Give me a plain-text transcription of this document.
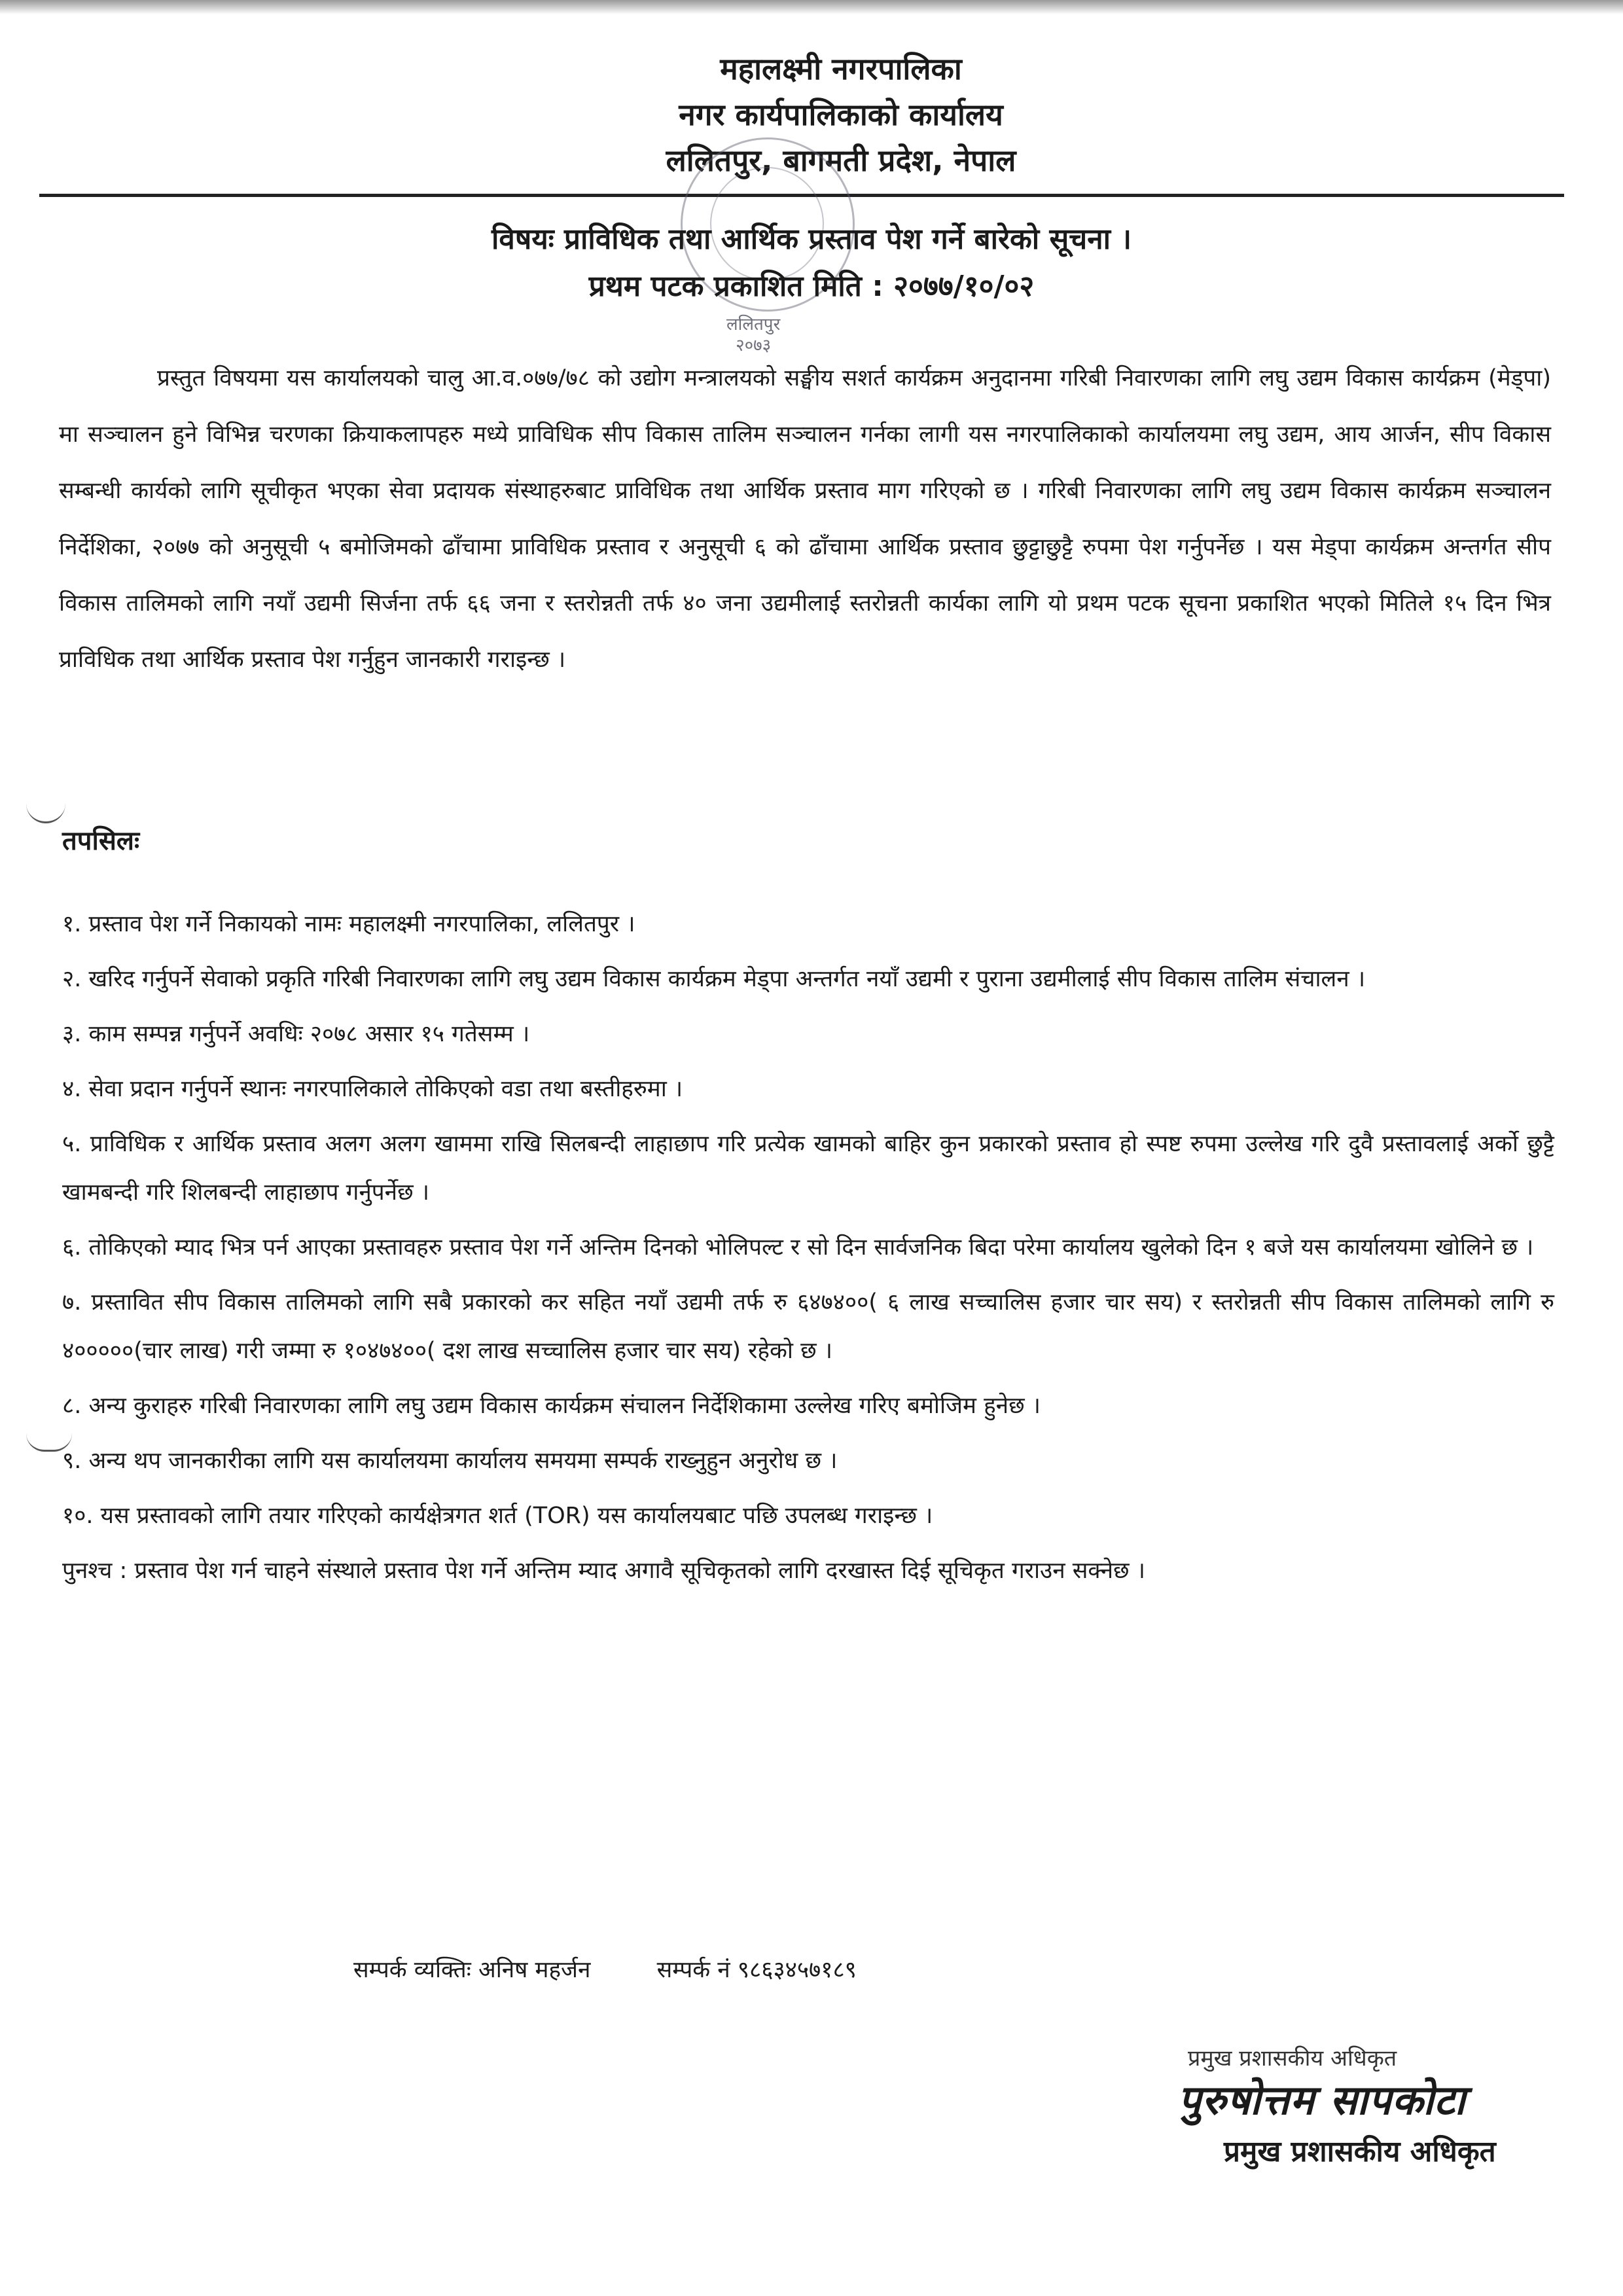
महालक्ष्मी नगरपालिका
नगर कार्यपालिकाको कार्यालय
ललितपुर, बागमती प्रदेश, नेपाल
ललितपुर
२०७३
विषयः प्राविधिक तथा आर्थिक प्रस्ताव पेश गर्ने बारेको सूचना ।
प्रथम पटक प्रकाशित मिति : २०७७/१०/०२
प्रस्तुत विषयमा यस कार्यालयको चालु आ.व.०७७/७८ को उद्योग मन्त्रालयको सङ्घीय सशर्त कार्यक्रम अनुदानमा गरिबी निवारणका लागि लघु उद्यम विकास कार्यक्रम (मेड्पा) मा सञ्चालन हुने विभिन्न चरणका क्रियाकलापहरु मध्ये प्राविधिक सीप विकास तालिम सञ्चालन गर्नका लागी यस नगरपालिकाको कार्यालयमा लघु उद्यम, आय आर्जन, सीप विकास सम्बन्धी कार्यको लागि सूचीकृत भएका सेवा प्रदायक संस्थाहरुबाट प्राविधिक तथा आर्थिक प्रस्ताव माग गरिएको छ । गरिबी निवारणका लागि लघु उद्यम विकास कार्यक्रम सञ्चालन निर्देशिका, २०७७ को अनुसूची ५ बमोजिमको ढाँचामा प्राविधिक प्रस्ताव र अनुसूची ६ को ढाँचामा आर्थिक प्रस्ताव छुट्टाछुट्टै रुपमा पेश गर्नुपर्नेछ । यस मेड्पा कार्यक्रम अन्तर्गत सीप विकास तालिमको लागि नयाँ उद्यमी सिर्जना तर्फ ६६ जना र स्तरोन्नती तर्फ ४० जना उद्यमीलाई स्तरोन्नती कार्यका लागि यो प्रथम पटक सूचना प्रकाशित भएको मितिले १५ दिन भित्र प्राविधिक तथा आर्थिक प्रस्ताव पेश गर्नुहुन जानकारी गराइन्छ ।
तपसिलः
१. प्रस्ताव पेश गर्ने निकायको नामः महालक्ष्मी नगरपालिका, ललितपुर ।
२. खरिद गर्नुपर्ने सेवाको प्रकृति गरिबी निवारणका लागि लघु उद्यम विकास कार्यक्रम मेड्पा अन्तर्गत नयाँ उद्यमी र पुराना उद्यमीलाई सीप विकास तालिम संचालन ।
३. काम सम्पन्न गर्नुपर्ने अवधिः २०७८ असार १५ गतेसम्म ।
४. सेवा प्रदान गर्नुपर्ने स्थानः नगरपालिकाले तोकिएको वडा तथा बस्तीहरुमा ।
५. प्राविधिक र आर्थिक प्रस्ताव अलग अलग खाममा राखि सिलबन्दी लाहाछाप गरि प्रत्येक खामको बाहिर कुन प्रकारको प्रस्ताव हो स्पष्ट रुपमा उल्लेख गरि दुवै प्रस्तावलाई अर्को छुट्टै खामबन्दी गरि शिलबन्दी लाहाछाप गर्नुपर्नेछ ।
६. तोकिएको म्याद भित्र पर्न आएका प्रस्तावहरु प्रस्ताव पेश गर्ने अन्तिम दिनको भोलिपल्ट र सो दिन सार्वजनिक बिदा परेमा कार्यालय खुलेको दिन १ बजे यस कार्यालयमा खोलिने छ ।
७. प्रस्तावित सीप विकास तालिमको लागि सबै प्रकारको कर सहित नयाँ उद्यमी तर्फ रु ६४७४००( ६ लाख सच्चालिस हजार चार सय) र स्तरोन्नती सीप विकास तालिमको लागि रु ४०००००(चार लाख) गरी जम्मा रु १०४७४००( दश लाख सच्चालिस हजार चार सय) रहेको छ ।
८. अन्य कुराहरु गरिबी निवारणका लागि लघु उद्यम विकास कार्यक्रम संचालन निर्देशिकामा उल्लेख गरिए बमोजिम हुनेछ ।
९. अन्य थप जानकारीका लागि यस कार्यालयमा कार्यालय समयमा सम्पर्क राख्नुहुन अनुरोध छ ।
१०. यस प्रस्तावको लागि तयार गरिएको कार्यक्षेत्रगत शर्त (TOR) यस कार्यालयबाट पछि उपलब्ध गराइन्छ ।
पुनश्च : प्रस्ताव पेश गर्न चाहने संस्थाले प्रस्ताव पेश गर्ने अन्तिम म्याद अगावै सूचिकृतको लागि दरखास्त दिई सूचिकृत गराउन सक्नेछ ।
सम्पर्क व्यक्तिः अनिष महर्जन	सम्पर्क नं ९८६३४५७१८९
प्रमुख प्रशासकीय अधिकृत
पुरुषोत्तम सापकोटा
प्रमुख प्रशासकीय अधिकृत
